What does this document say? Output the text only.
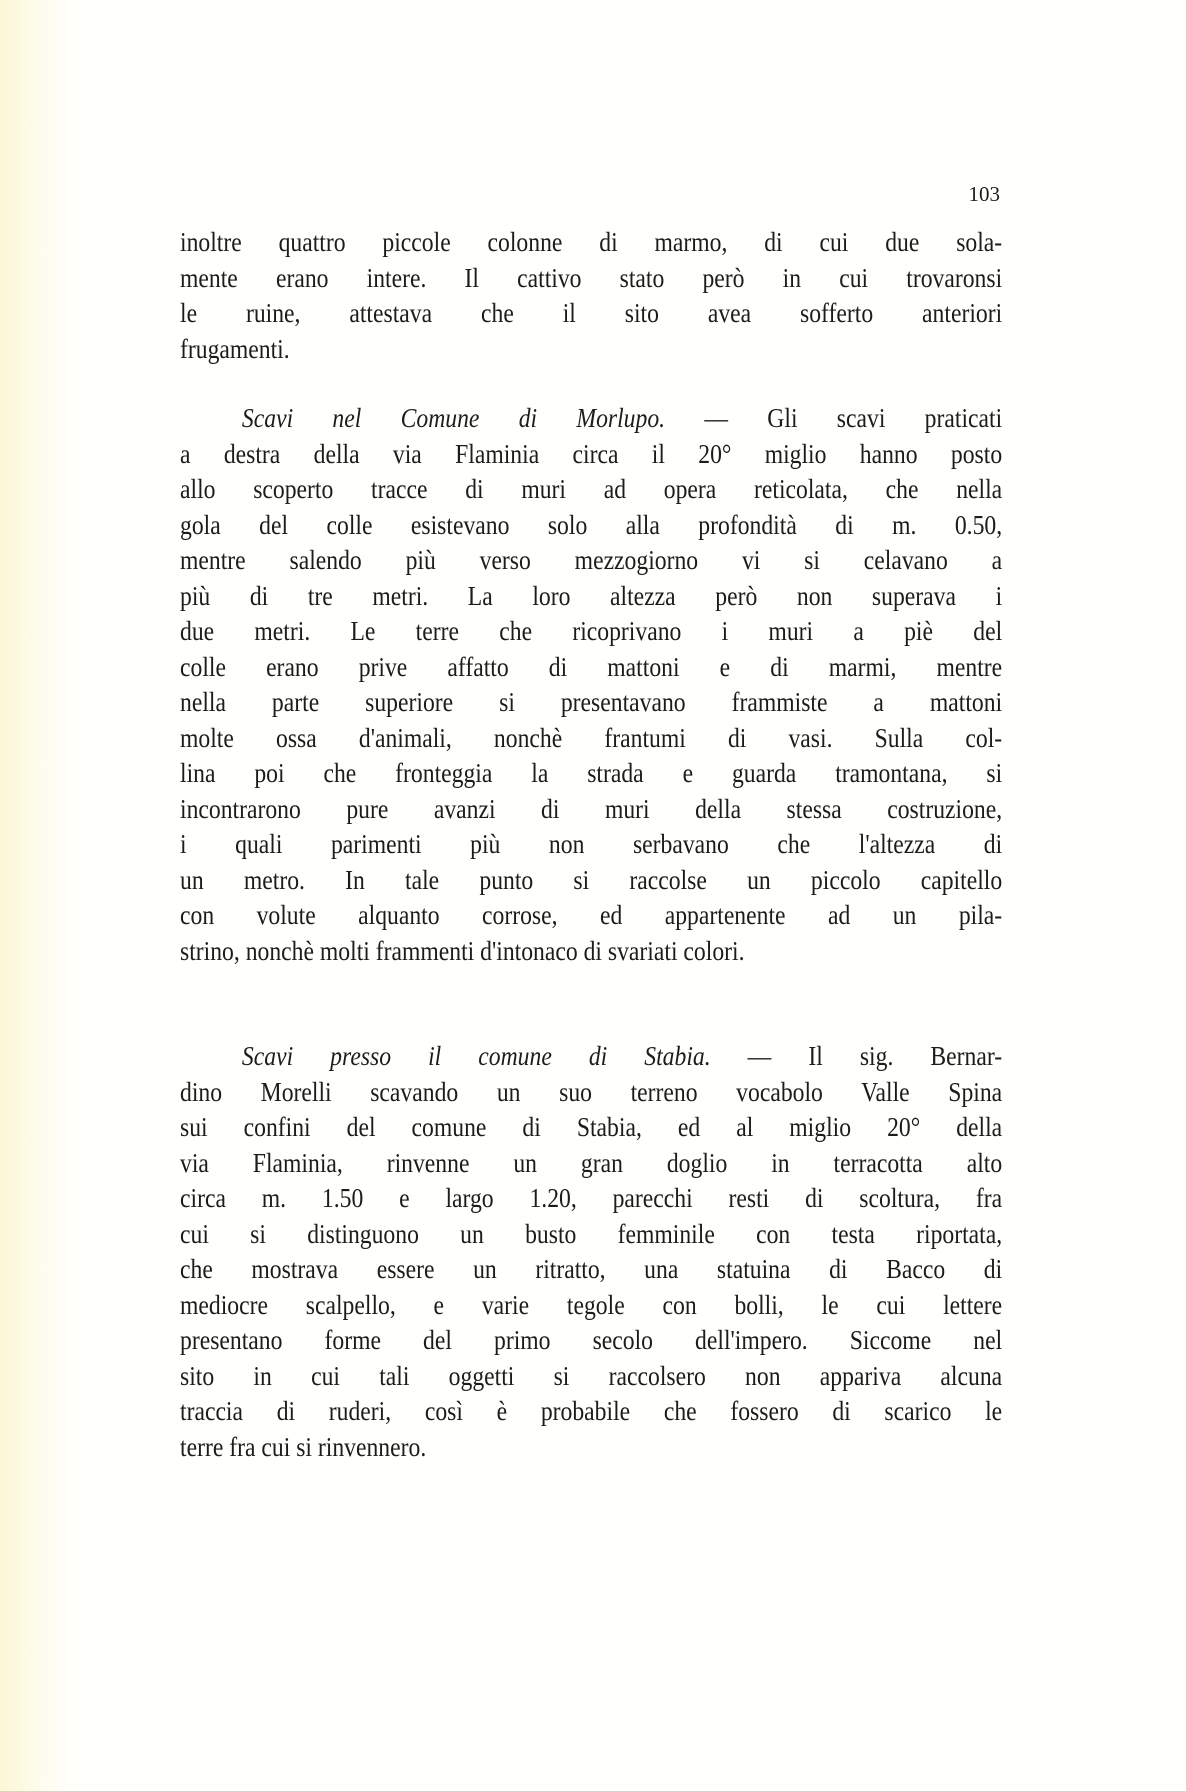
103
inoltre quattro piccole colonne di marmo, di cui due sola-
mente erano intere. Il cattivo stato però in cui trovaronsi
le ruine, attestava che il sito avea sofferto anteriori
frugamenti.
Scavi nel Comune di Morlupo. — Gli scavi praticati
a destra della via Flaminia circa il 20° miglio hanno posto
allo scoperto tracce di muri ad opera reticolata, che nella
gola del colle esistevano solo alla profondità di m. 0.50,
mentre salendo più verso mezzogiorno vi si celavano a
più di tre metri. La loro altezza però non superava i
due metri. Le terre che ricoprivano i muri a piè del
colle erano prive affatto di mattoni e di marmi, mentre
nella parte superiore si presentavano frammiste a mattoni
molte ossa d'animali, nonchè frantumi di vasi. Sulla col-
lina poi che fronteggia la strada e guarda tramontana, si
incontrarono pure avanzi di muri della stessa costruzione,
i quali parimenti più non serbavano che l'altezza di
un metro. In tale punto si raccolse un piccolo capitello
con volute alquanto corrose, ed appartenente ad un pila-
strino, nonchè molti frammenti d'intonaco di svariati colori.
Scavi presso il comune di Stabia. — Il sig. Bernar-
dino Morelli scavando un suo terreno vocabolo Valle Spina
sui confini del comune di Stabia, ed al miglio 20° della
via Flaminia, rinvenne un gran doglio in terracotta alto
circa m. 1.50 e largo 1.20, parecchi resti di scoltura, fra
cui si distinguono un busto femminile con testa riportata,
che mostrava essere un ritratto, una statuina di Bacco di
mediocre scalpello, e varie tegole con bolli, le cui lettere
presentano forme del primo secolo dell'impero. Siccome nel
sito in cui tali oggetti si raccolsero non appariva alcuna
traccia di ruderi, così è probabile che fossero di scarico le
terre fra cui si rinvennero.
